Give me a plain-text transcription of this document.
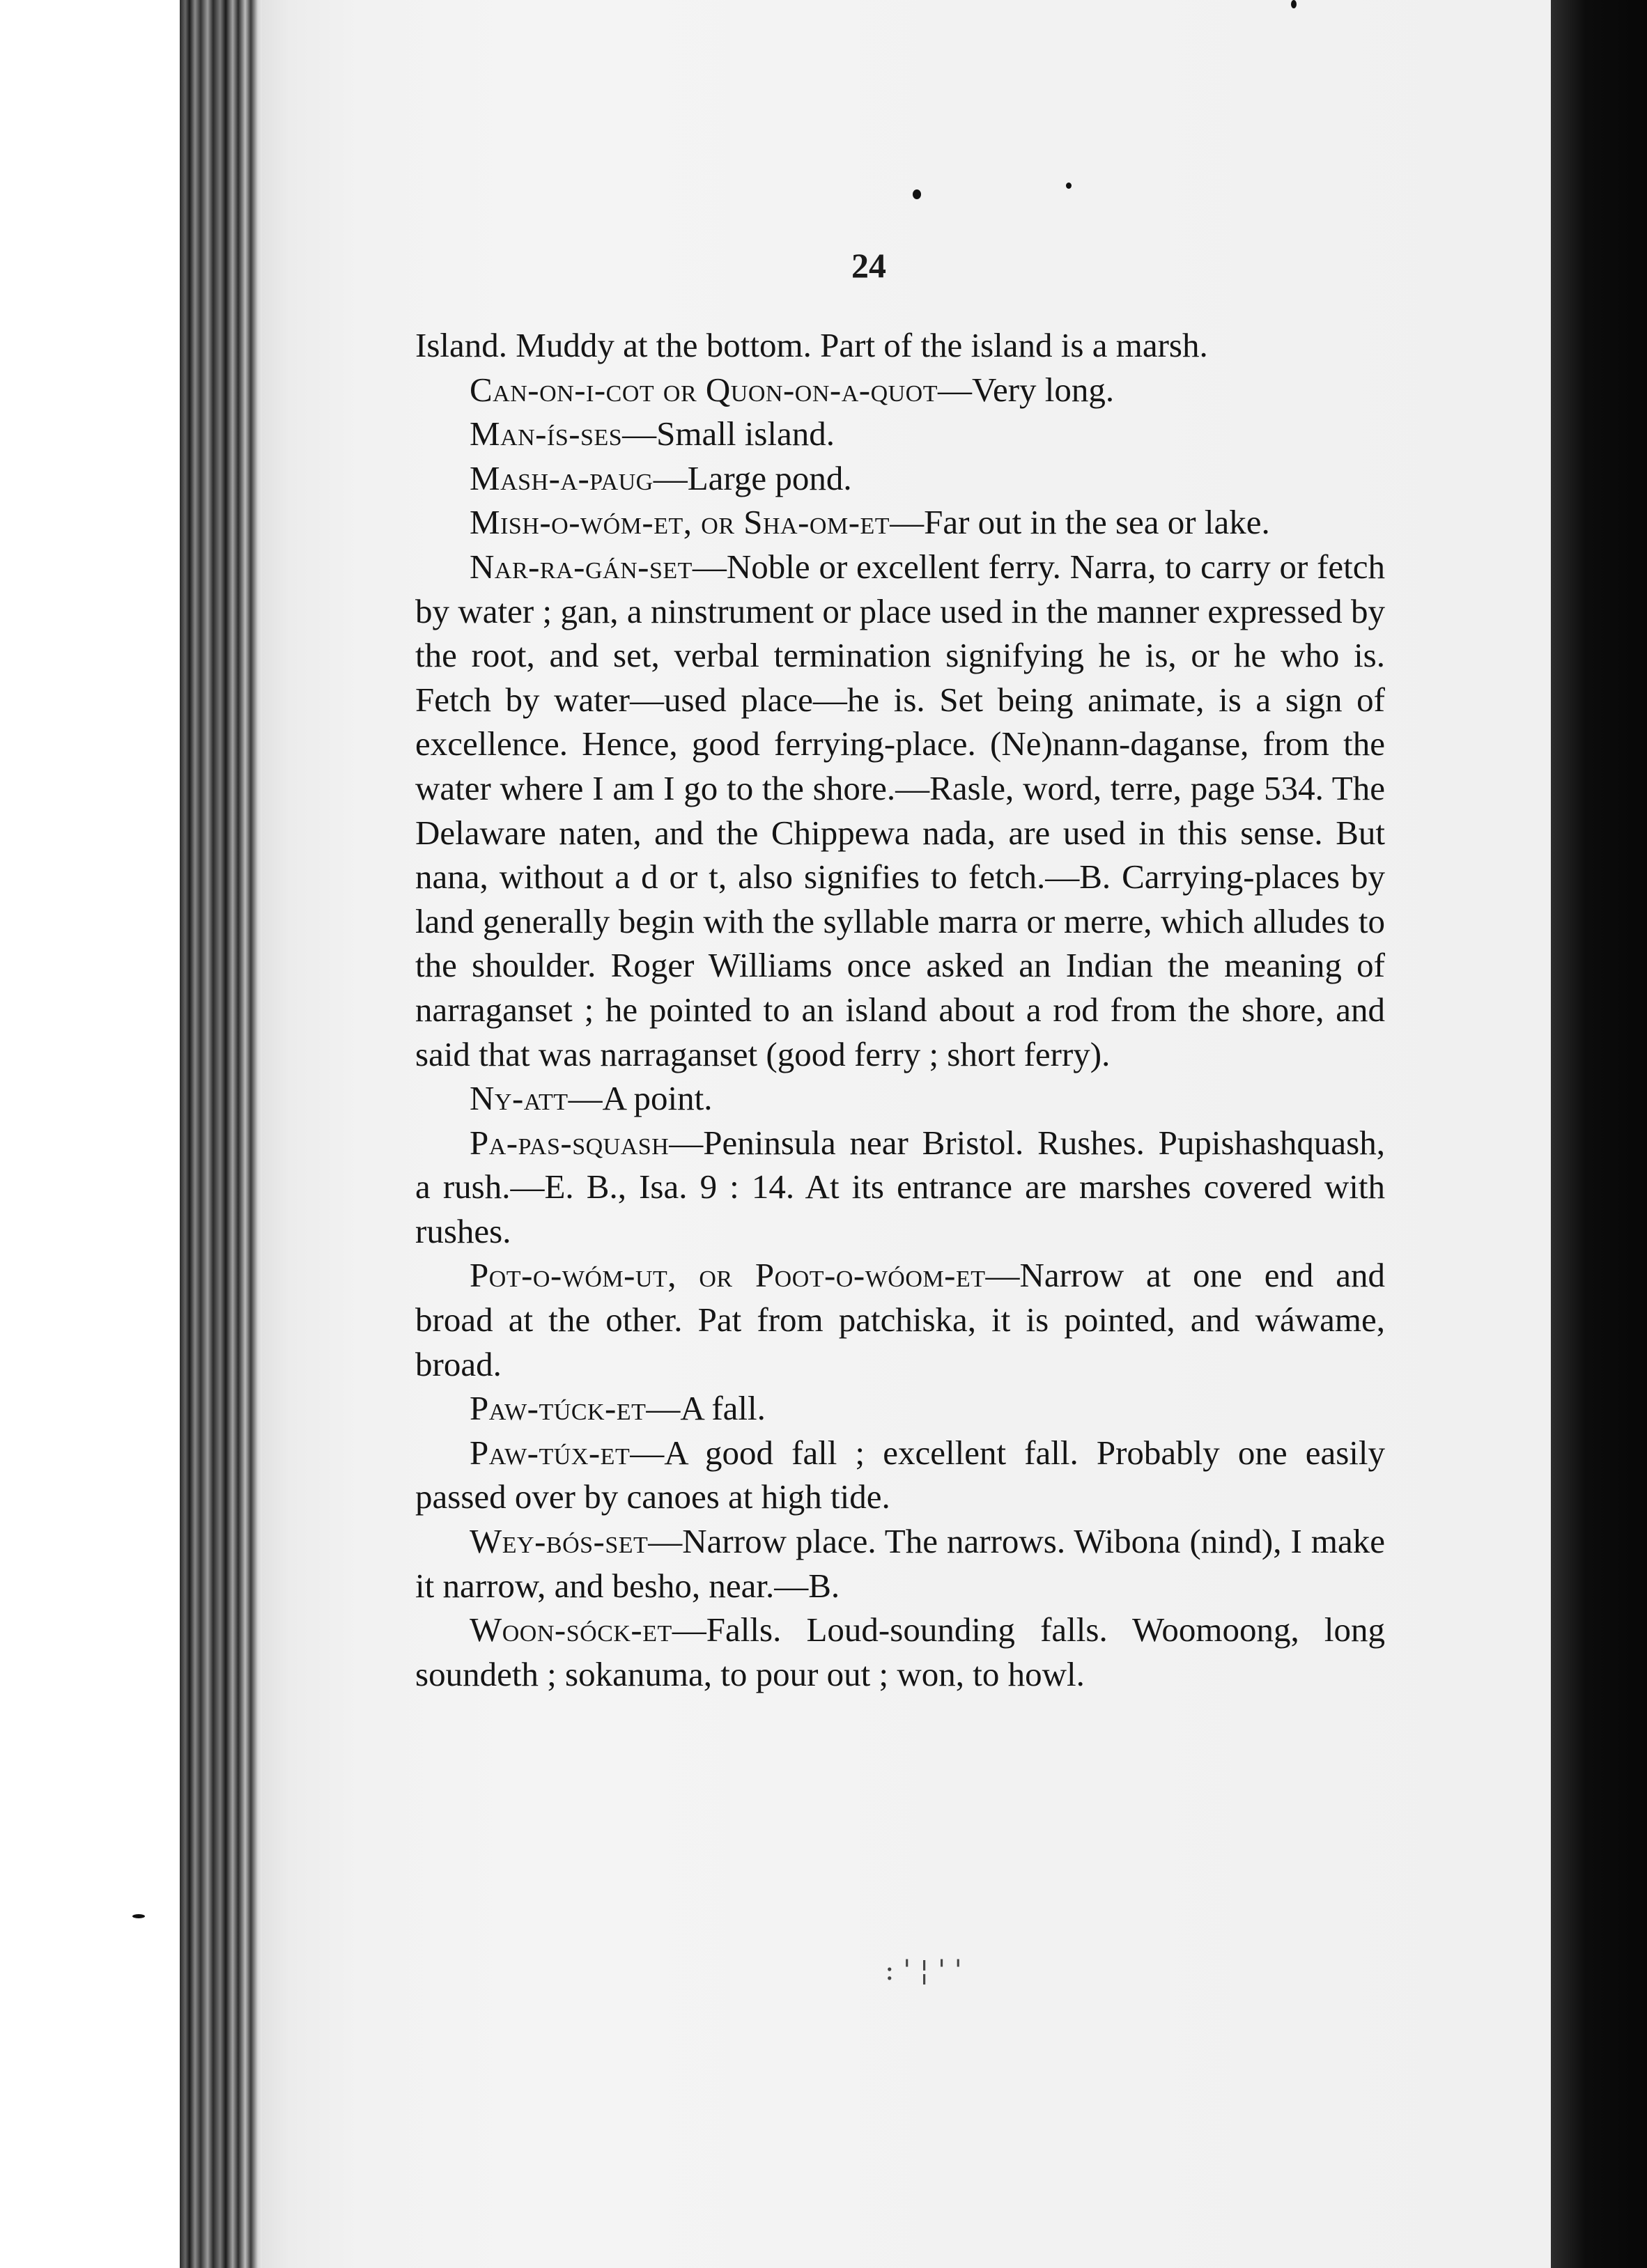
: ' ¦ ' '
24

Island. Muddy at the bottom. Part of the island is a marsh.

Can-on-i-cot or Quon-on-a-quot—Very long.

Man-ís-ses—Small island.

Mash-a-paug—Large pond.

Mish-o-wóm-et, or Sha-om-et—Far out in the sea or lake.

Nar-ra-gán-set—Noble or excellent ferry. Narra, to carry or fetch by water ; gan, a ninstrument or place used in the manner expressed by the root, and set, verbal termination signifying he is, or he who is. Fetch by water—used place—he is. Set being animate, is a sign of excellence. Hence, good ferrying-place. (Ne)nann-daganse, from the water where I am I go to the shore.—Rasle, word, terre, page 534. The Delaware naten, and the Chippewa nada, are used in this sense. But nana, without a d or t, also signifies to fetch.—B. Carrying-places by land generally begin with the syllable marra or merre, which alludes to the shoulder. Roger Williams once asked an Indian the meaning of narraganset ; he pointed to an island about a rod from the shore, and said that was narraganset (good ferry ; short ferry).

Ny-att—A point.

Pa-pas-squash—Peninsula near Bristol. Rushes. Pupishashquash, a rush.—E. B., Isa. 9 : 14. At its entrance are marshes covered with rushes.

Pot-o-wóm-ut, or Poot-o-wóom-et—Narrow at one end and broad at the other. Pat from patchiska, it is pointed, and wáwame, broad.

Paw-túck-et—A fall.

Paw-túx-et—A good fall ; excellent fall. Probably one easily passed over by canoes at high tide.

Wey-bós-set—Narrow place. The narrows. Wibona (nind), I make it narrow, and besho, near.—B.

Woon-sóck-et—Falls. Loud-sounding falls. Woomoong, long soundeth ; sokanuma, to pour out ; won, to howl.
